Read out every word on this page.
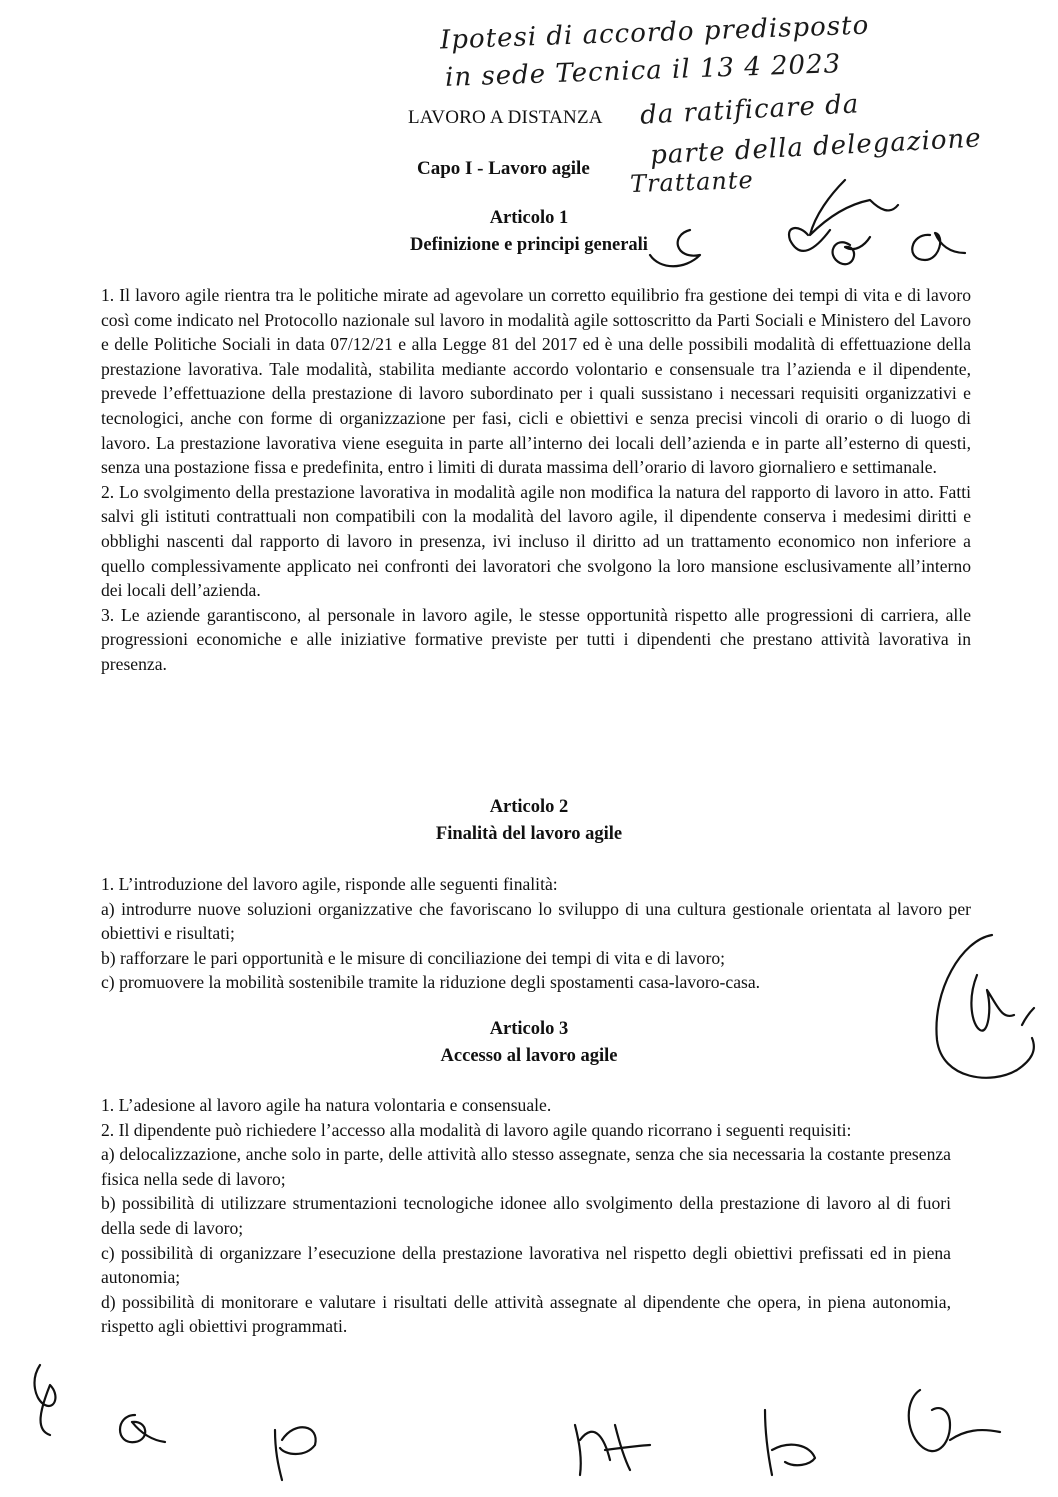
Ipotesi di accordo predisposto
in sede Tecnica il 13 4 2023
da ratificare da
parte della delegazione
Trattante
LAVORO A DISTANZA
Capo I - Lavoro agile
Articolo 1
Definizione e principi generali

1. Il lavoro agile rientra tra le politiche mirate ad agevolare un corretto equilibrio fra gestione dei tempi di vita e di lavoro così come indicato nel Protocollo nazionale sul lavoro in modalità agile sottoscritto da Parti Sociali e Ministero del Lavoro e delle Politiche Sociali in data 07/12/21 e alla Legge 81 del 2017 ed è una delle possibili modalità di effettuazione della prestazione lavorativa. Tale modalità, stabilita mediante accordo volontario e consensuale tra l’azienda e il dipendente, prevede l’effettuazione della prestazione di lavoro subordinato per i quali sussistano i necessari requisiti organizzativi e tecnologici, anche con forme di organizzazione per fasi, cicli e obiettivi e senza precisi vincoli di orario o di luogo di lavoro. La prestazione lavorativa viene eseguita in parte all’interno dei locali dell’azienda e in parte all’esterno di questi, senza una postazione fissa e predefinita, entro i limiti di durata massima dell’orario di lavoro giornaliero e settimanale.

2. Lo svolgimento della prestazione lavorativa in modalità agile non modifica la natura del rapporto di lavoro in atto. Fatti salvi gli istituti contrattuali non compatibili con la modalità del lavoro agile, il dipendente conserva i medesimi diritti e obblighi nascenti dal rapporto di lavoro in presenza, ivi incluso il diritto ad un trattamento economico non inferiore a quello complessivamente applicato nei confronti dei lavoratori che svolgono la loro mansione esclusivamente all’interno dei locali dell’azienda.

3. Le aziende garantiscono, al personale in lavoro agile, le stesse opportunità rispetto alle progressioni di carriera, alle progressioni economiche e alle iniziative formative previste per tutti i dipendenti che prestano attività lavorativa in presenza.

Articolo 2
Finalità del lavoro agile

1. L’introduzione del lavoro agile, risponde alle seguenti finalità:

a) introdurre nuove soluzioni organizzative che favoriscano lo sviluppo di una cultura gestionale orientata al lavoro per obiettivi e risultati;

b) rafforzare le pari opportunità e le misure di conciliazione dei tempi di vita e di lavoro;

c) promuovere la mobilità sostenibile tramite la riduzione degli spostamenti casa-lavoro-casa.

Articolo 3
Accesso al lavoro agile

1. L’adesione al lavoro agile ha natura volontaria e consensuale.

2. Il dipendente può richiedere l’accesso alla modalità di lavoro agile quando ricorrano i seguenti requisiti:

a) delocalizzazione, anche solo in parte, delle attività allo stesso assegnate, senza che sia necessaria la costante presenza fisica nella sede di lavoro;

b) possibilità di utilizzare strumentazioni tecnologiche idonee allo svolgimento della prestazione di lavoro al di fuori della sede di lavoro;

c) possibilità di organizzare l’esecuzione della prestazione lavorativa nel rispetto degli obiettivi prefissati ed in piena autonomia;

d) possibilità di monitorare e valutare i risultati delle attività assegnate al dipendente che opera, in piena autonomia, rispetto agli obiettivi programmati.
